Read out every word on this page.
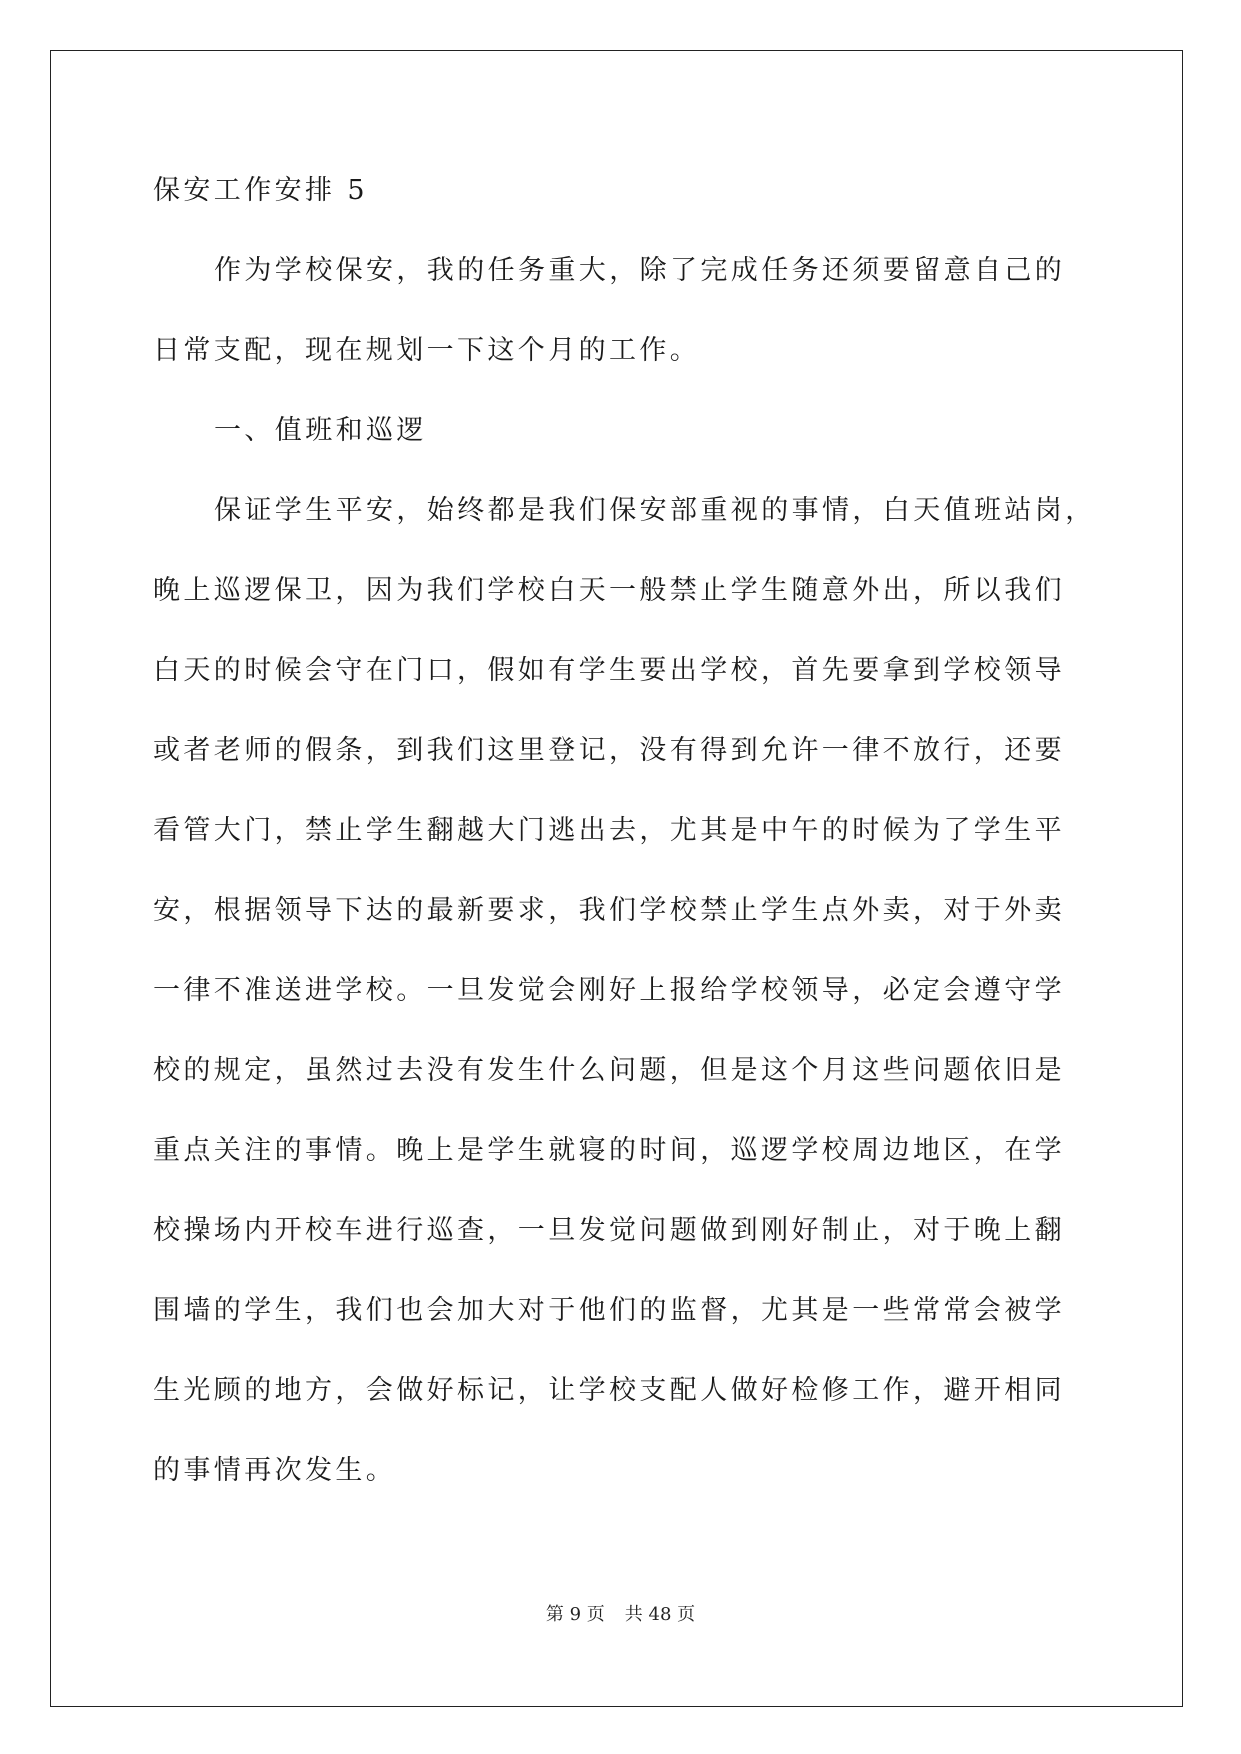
保安工作安排 5
作为学校保安，我的任务重大，除了完成任务还须要留意自己的
日常支配，现在规划一下这个月的工作。
一、值班和巡逻
保证学生平安，始终都是我们保安部重视的事情，白天值班站岗，
晚上巡逻保卫，因为我们学校白天一般禁止学生随意外出，所以我们
白天的时候会守在门口，假如有学生要出学校，首先要拿到学校领导
或者老师的假条，到我们这里登记，没有得到允许一律不放行，还要
看管大门，禁止学生翻越大门逃出去，尤其是中午的时候为了学生平
安，根据领导下达的最新要求，我们学校禁止学生点外卖，对于外卖
一律不准送进学校。一旦发觉会刚好上报给学校领导，必定会遵守学
校的规定，虽然过去没有发生什么问题，但是这个月这些问题依旧是
重点关注的事情。晚上是学生就寝的时间，巡逻学校周边地区，在学
校操场内开校车进行巡查，一旦发觉问题做到刚好制止，对于晚上翻
围墙的学生，我们也会加大对于他们的监督，尤其是一些常常会被学
生光顾的地方，会做好标记，让学校支配人做好检修工作，避开相同
的事情再次发生。
第 9 页 共 48 页
